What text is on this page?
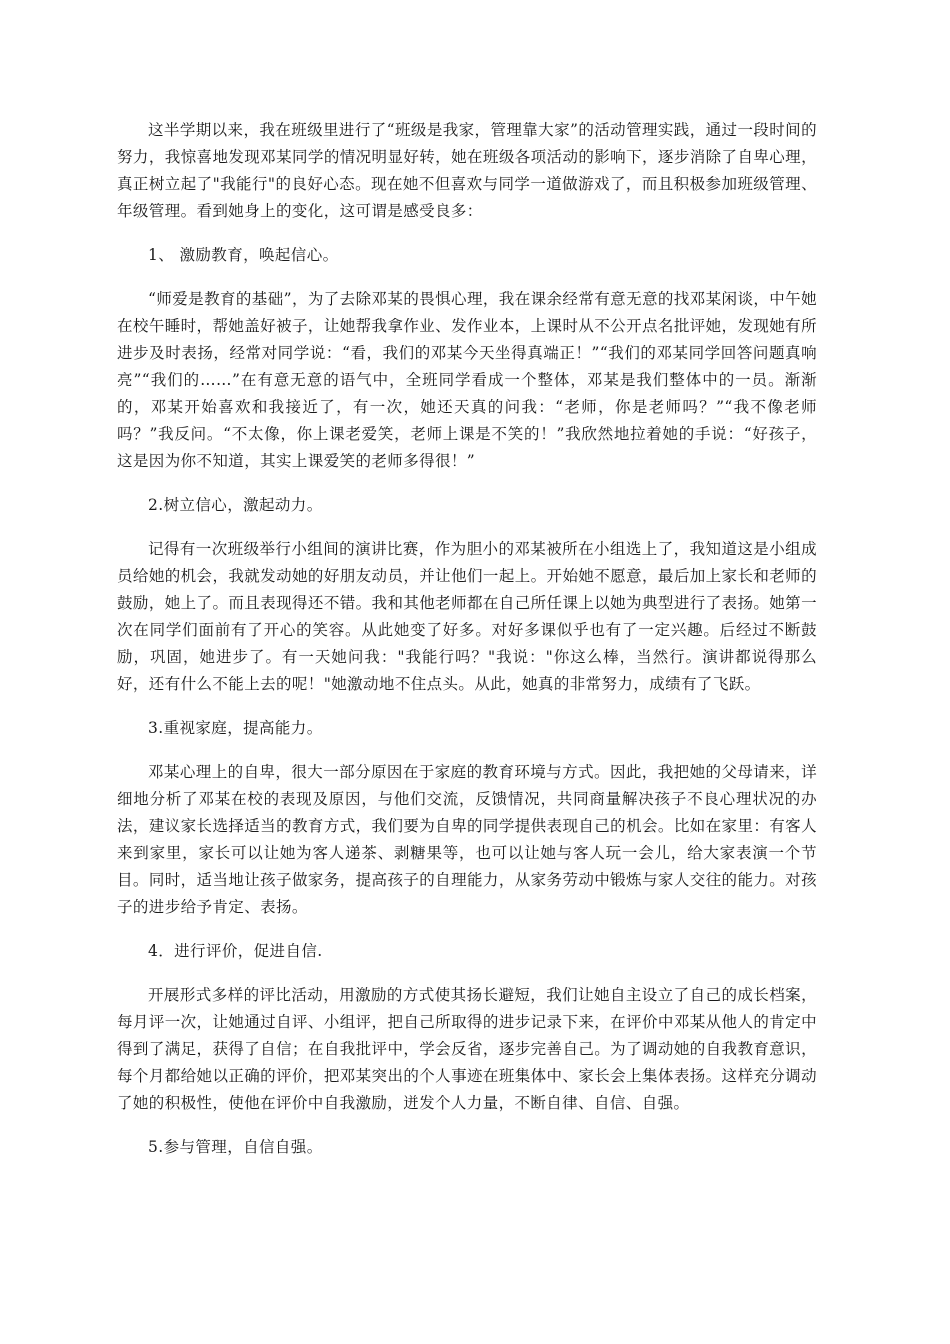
这半学期以来，我在班级里进行了“班级是我家，管理靠大家”的活动管理实践，通过一段时间的努力，我惊喜地发现邓某同学的情况明显好转，她在班级各项活动的影响下，逐步消除了自卑心理，真正树立起了"我能行"的良好心态。现在她不但喜欢与同学一道做游戏了，而且积极参加班级管理、年级管理。看到她身上的变化，这可谓是感受良多：

1、 激励教育，唤起信心。

“师爱是教育的基础”，为了去除邓某的畏惧心理，我在课余经常有意无意的找邓某闲谈，中午她在校午睡时，帮她盖好被子，让她帮我拿作业、发作业本，上课时从不公开点名批评她，发现她有所进步及时表扬，经常对同学说：“看，我们的邓某今天坐得真端正！”“我们的邓某同学回答问题真响亮”“我们的……”在有意无意的语气中，全班同学看成一个整体，邓某是我们整体中的一员。渐渐的，邓某开始喜欢和我接近了，有一次，她还天真的问我：“老师，你是老师吗？”“我不像老师吗？”我反问。“不太像，你上课老爱笑，老师上课是不笑的！”我欣然地拉着她的手说：“好孩子，这是因为你不知道，其实上课爱笑的老师多得很！”

2.树立信心，激起动力。

记得有一次班级举行小组间的演讲比赛，作为胆小的邓某被所在小组选上了，我知道这是小组成员给她的机会，我就发动她的好朋友动员，并让他们一起上。开始她不愿意，最后加上家长和老师的鼓励，她上了。而且表现得还不错。我和其他老师都在自己所任课上以她为典型进行了表扬。她第一次在同学们面前有了开心的笑容。从此她变了好多。对好多课似乎也有了一定兴趣。后经过不断鼓励，巩固，她进步了。有一天她问我："我能行吗？"我说："你这么棒，当然行。演讲都说得那么好，还有什么不能上去的呢！"她激动地不住点头。从此，她真的非常努力，成绩有了飞跃。

3.重视家庭，提高能力。

邓某心理上的自卑，很大一部分原因在于家庭的教育环境与方式。因此，我把她的父母请来，详细地分析了邓某在校的表现及原因，与他们交流，反馈情况，共同商量解决孩子不良心理状况的办法，建议家长选择适当的教育方式，我们要为自卑的同学提供表现自己的机会。比如在家里：有客人来到家里，家长可以让她为客人递茶、剥糖果等，也可以让她与客人玩一会儿，给大家表演一个节目。同时，适当地让孩子做家务，提高孩子的自理能力，从家务劳动中锻炼与家人交往的能力。对孩子的进步给予肯定、表扬。

4．进行评价，促进自信.

开展形式多样的评比活动，用激励的方式使其扬长避短，我们让她自主设立了自己的成长档案，每月评一次，让她通过自评、小组评，把自己所取得的进步记录下来，在评价中邓某从他人的肯定中得到了满足，获得了自信；在自我批评中，学会反省，逐步完善自己。为了调动她的自我教育意识，每个月都给她以正确的评价，把邓某突出的个人事迹在班集体中、家长会上集体表扬。这样充分调动了她的积极性，使他在评价中自我激励，迸发个人力量，不断自律、自信、自强。

5.参与管理，自信自强。
